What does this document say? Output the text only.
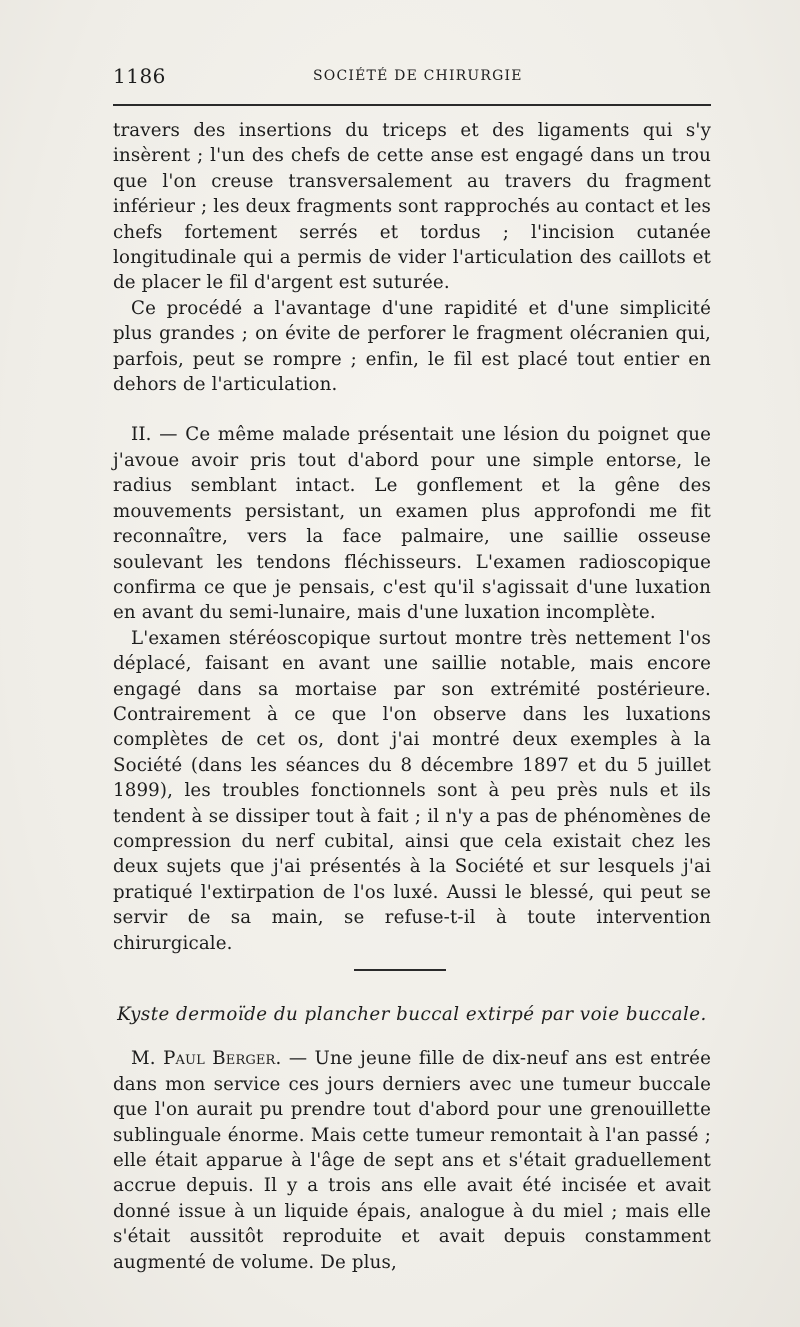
1186	SOCIÉTÉ DE CHIRURGIE

travers des insertions du triceps et des ligaments qui s'y insèrent ; l'un des chefs de cette anse est engagé dans un trou que l'on creuse transversalement au travers du fragment inférieur ; les deux fragments sont rapprochés au contact et les chefs fortement serrés et tordus ; l'incision cutanée longitudinale qui a permis de vider l'articulation des caillots et de placer le fil d'argent est suturée.

Ce procédé a l'avantage d'une rapidité et d'une simplicité plus grandes ; on évite de perforer le fragment olécranien qui, parfois, peut se rompre ; enfin, le fil est placé tout entier en dehors de l'articulation.

II. — Ce même malade présentait une lésion du poignet que j'avoue avoir pris tout d'abord pour une simple entorse, le radius semblant intact. Le gonflement et la gêne des mouvements persistant, un examen plus approfondi me fit reconnaître, vers la face palmaire, une saillie osseuse soulevant les tendons fléchisseurs. L'examen radioscopique confirma ce que je pensais, c'est qu'il s'agissait d'une luxation en avant du semi-lunaire, mais d'une luxation incomplète.

L'examen stéréoscopique surtout montre très nettement l'os déplacé, faisant en avant une saillie notable, mais encore engagé dans sa mortaise par son extrémité postérieure. Contrairement à ce que l'on observe dans les luxations complètes de cet os, dont j'ai montré deux exemples à la Société (dans les séances du 8 décembre 1897 et du 5 juillet 1899), les troubles fonctionnels sont à peu près nuls et ils tendent à se dissiper tout à fait ; il n'y a pas de phénomènes de compression du nerf cubital, ainsi que cela existait chez les deux sujets que j'ai présentés à la Société et sur lesquels j'ai pratiqué l'extirpation de l'os luxé. Aussi le blessé, qui peut se servir de sa main, se refuse-t-il à toute intervention chirurgicale.

Kyste dermoïde du plancher buccal extirpé par voie buccale.

M. Paul Berger. — Une jeune fille de dix-neuf ans est entrée dans mon service ces jours derniers avec une tumeur buccale que l'on aurait pu prendre tout d'abord pour une grenouillette sublinguale énorme. Mais cette tumeur remontait à l'an passé ; elle était apparue à l'âge de sept ans et s'était graduellement accrue depuis. Il y a trois ans elle avait été incisée et avait donné issue à un liquide épais, analogue à du miel ; mais elle s'était aussitôt reproduite et avait depuis constamment augmenté de volume. De plus,
